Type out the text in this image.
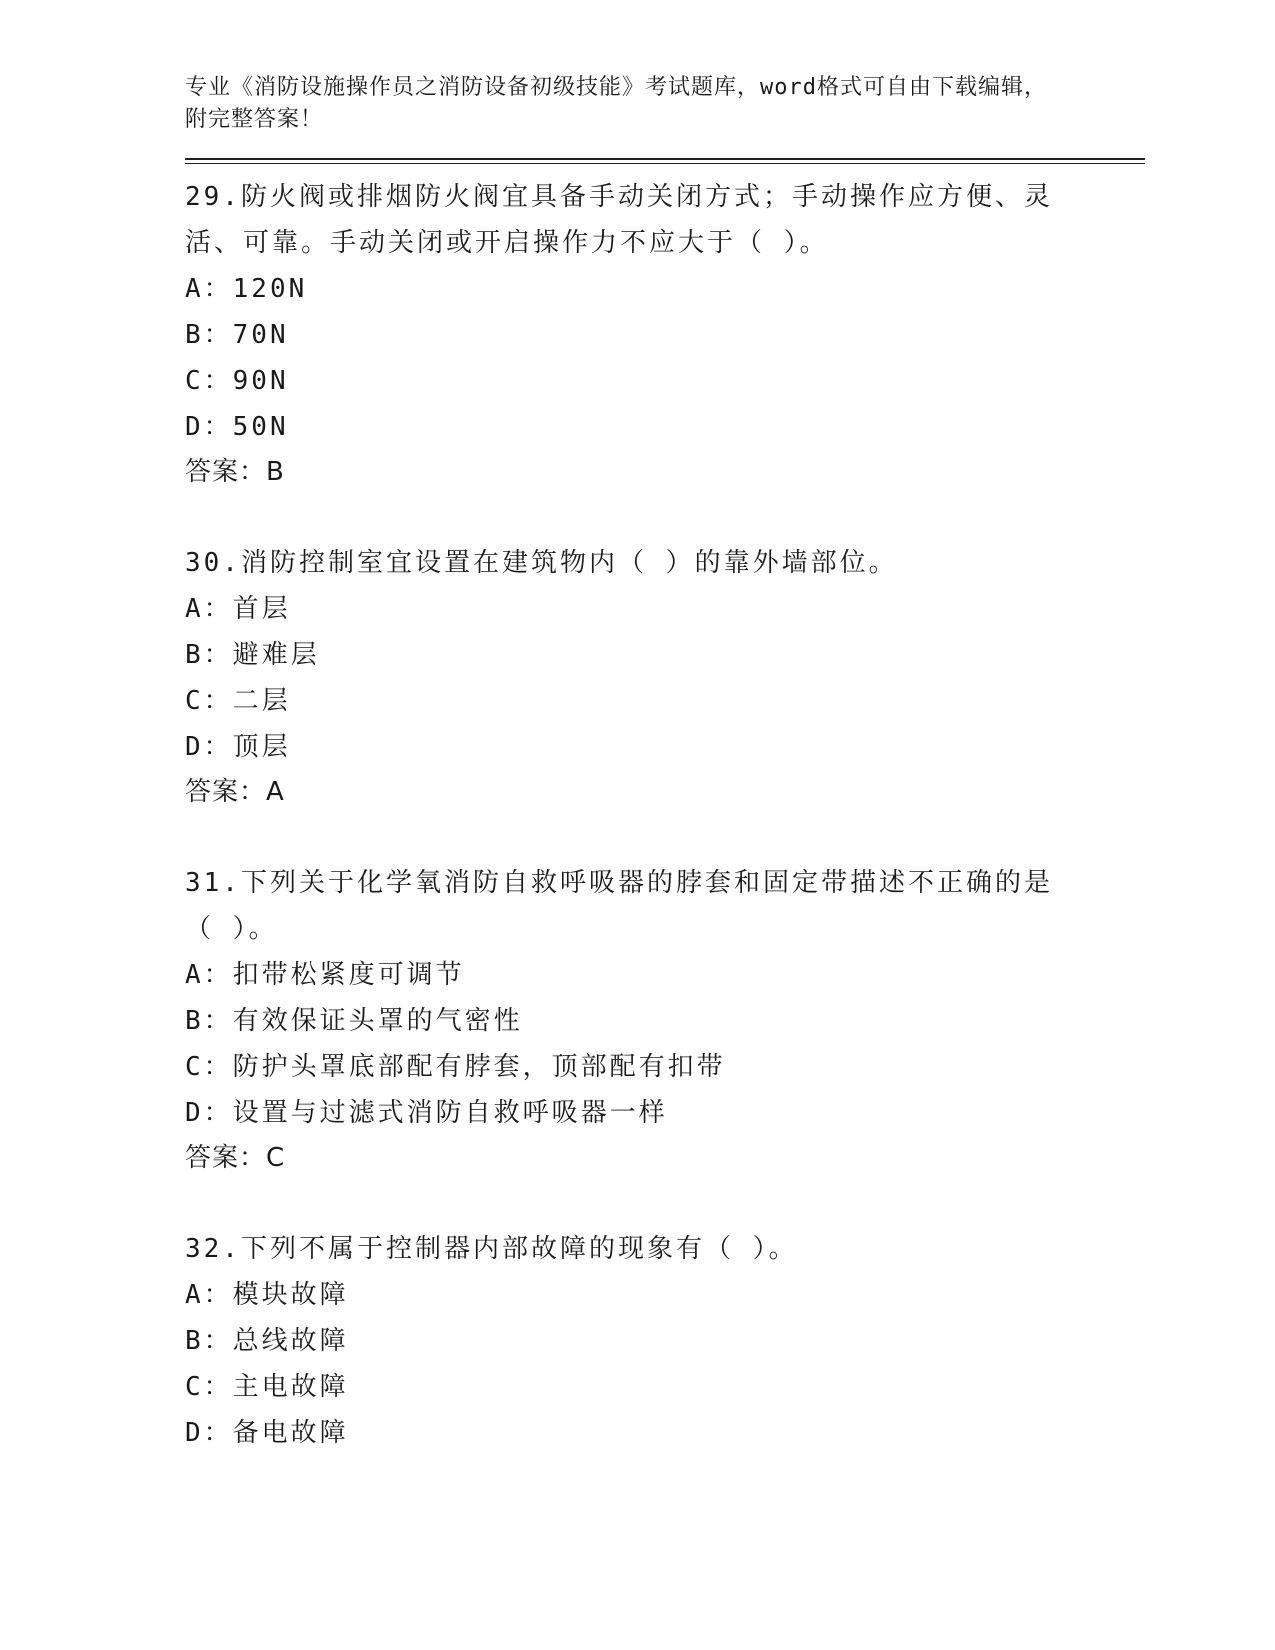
专业《消防设施操作员之消防设备初级技能》考试题库，word格式可自由下载编辑，附完整答案！

29.防火阀或排烟防火阀宜具备手动关闭方式；手动操作应方便、灵活、可靠。手动关闭或开启操作力不应大于（ ）。

A：120N

B：70N

C：90N

D：50N

答案：B

30.消防控制室宜设置在建筑物内（ ）的靠外墙部位。

A：首层

B：避难层

C：二层

D：顶层

答案：A

31.下列关于化学氧消防自救呼吸器的脖套和固定带描述不正确的是（ ）。

A：扣带松紧度可调节

B：有效保证头罩的气密性

C：防护头罩底部配有脖套，顶部配有扣带

D：设置与过滤式消防自救呼吸器一样

答案：C

32.下列不属于控制器内部故障的现象有（ ）。

A：模块故障

B：总线故障

C：主电故障

D：备电故障
